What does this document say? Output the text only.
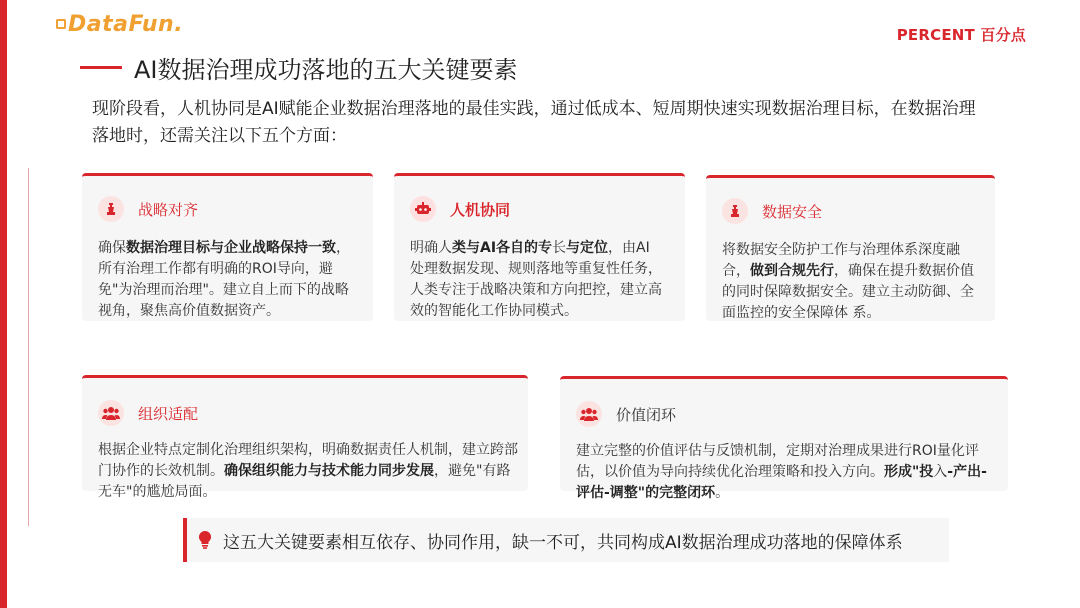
DataFun.	PERCENT 百分点
AI数据治理成功落地的五大关键要素

现阶段看，人机协同是AI赋能企业数据治理落地的最佳实践，通过低成本、短周期快速实现数据治理目标，在数据治理落地时，还需关注以下五个方面：

战略对齐
确保数据治理目标与企业战略保持一致，所有治理工作都有明确的ROI导向，避免"为治理而治理"。建立自上而下的战略视角，聚焦高价值数据资产。
人机协同
明确人类与AI各自的专长与定位，由AI处理数据发现、规则落地等重复性任务，人类专注于战略决策和方向把控，建立高效的智能化工作协同模式。
数据安全
将数据安全防护工作与治理体系深度融合，做到合规先行，确保在提升数据价值的同时保障数据安全。建立主动防御、全面监控的安全保障体 系。
组织适配
根据企业特点定制化治理组织架构，明确数据责任人机制，建立跨部门协作的长效机制。确保组织能力与技术能力同步发展，避免"有路无车"的尴尬局面。
价值闭环
建立完整的价值评估与反馈机制，定期对治理成果进行ROI量化评估，以价值为导向持续优化治理策略和投入方向。形成"投入-产出-评估-调整"的完整闭环。
这五大关键要素相互依存、协同作用，缺一不可，共同构成AI数据治理成功落地的保障体系
